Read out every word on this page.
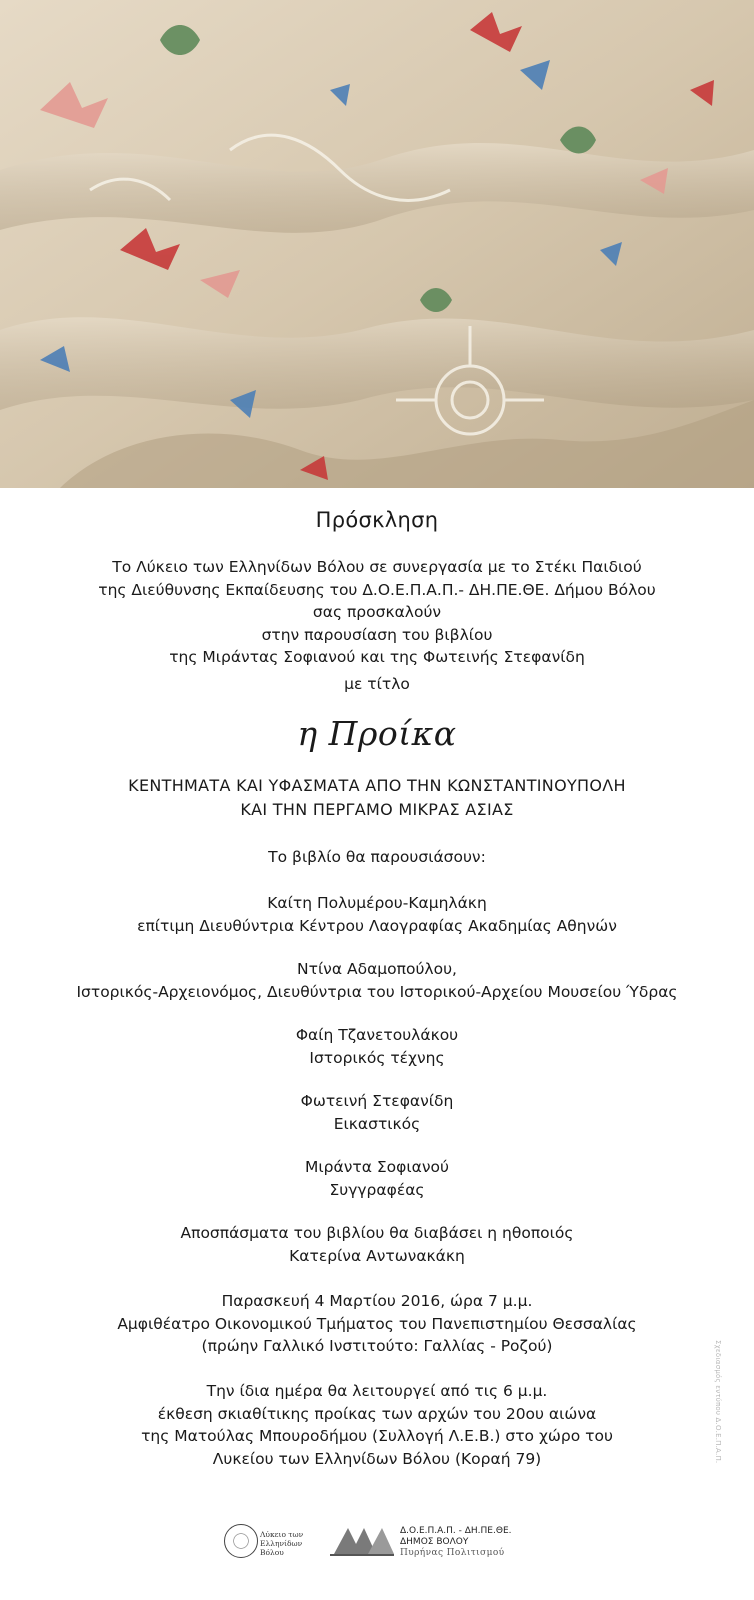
Πρόσκληση
Το Λύκειο των Ελληνίδων Βόλου σε συνεργασία με το Στέκι Παιδιού
της Διεύθυνσης Εκπαίδευσης του Δ.Ο.Ε.Π.Α.Π.- ΔΗ.ΠΕ.ΘΕ. Δήμου Βόλου
σας προσκαλούν
στην παρουσίαση του βιβλίου
της Μιράντας Σοφιανού και της Φωτεινής Στεφανίδη
με τίτλο
η Προίκα
ΚΕΝΤΗΜΑΤΑ ΚΑΙ ΥΦΑΣΜΑΤΑ ΑΠΟ ΤΗΝ ΚΩΝΣΤΑΝΤΙΝΟΥΠΟΛΗ
ΚΑΙ ΤΗΝ ΠΕΡΓΑΜΟ ΜΙΚΡΑΣ ΑΣΙΑΣ
Το βιβλίο θα παρουσιάσουν:
Καίτη Πολυμέρου-Καμηλάκη
επίτιμη Διευθύντρια Κέντρου Λαογραφίας Ακαδημίας Αθηνών
Ντίνα Αδαμοπούλου,
Ιστορικός-Αρχειονόμος, Διευθύντρια του Ιστορικού-Αρχείου Μουσείου Ύδρας
Φαίη Τζανετουλάκου
Ιστορικός τέχνης
Φωτεινή Στεφανίδη
Εικαστικός
Μιράντα Σοφιανού
Συγγραφέας
Αποσπάσματα του βιβλίου θα διαβάσει η ηθοποιός
Κατερίνα Αντωνακάκη
Παρασκευή 4 Μαρτίου 2016, ώρα 7 μ.μ.
Αμφιθέατρο Οικονομικού Τμήματος του Πανεπιστημίου Θεσσαλίας
(πρώην Γαλλικό Ινστιτούτο: Γαλλίας - Ροζού)
Την ίδια ημέρα θα λειτουργεί από τις 6 μ.μ.
έκθεση σκιαθίτικης προίκας των αρχών του 20ου αιώνα
της Ματούλας Μπουροδήμου (Συλλογή Λ.Ε.Β.) στο χώρο του
Λυκείου των Ελληνίδων Βόλου (Κοραή 79)	Σχεδιασμός εντύπου Δ.Ο.Ε.Π.Α.Π.
Λύκειο των
Ελληνίδων Βόλου
Δ.Ο.Ε.Π.Α.Π. - ΔΗ.ΠΕ.ΘΕ.
ΔΗΜΟΣ ΒΟΛΟΥ
Πυρήνας Πολιτισμού
